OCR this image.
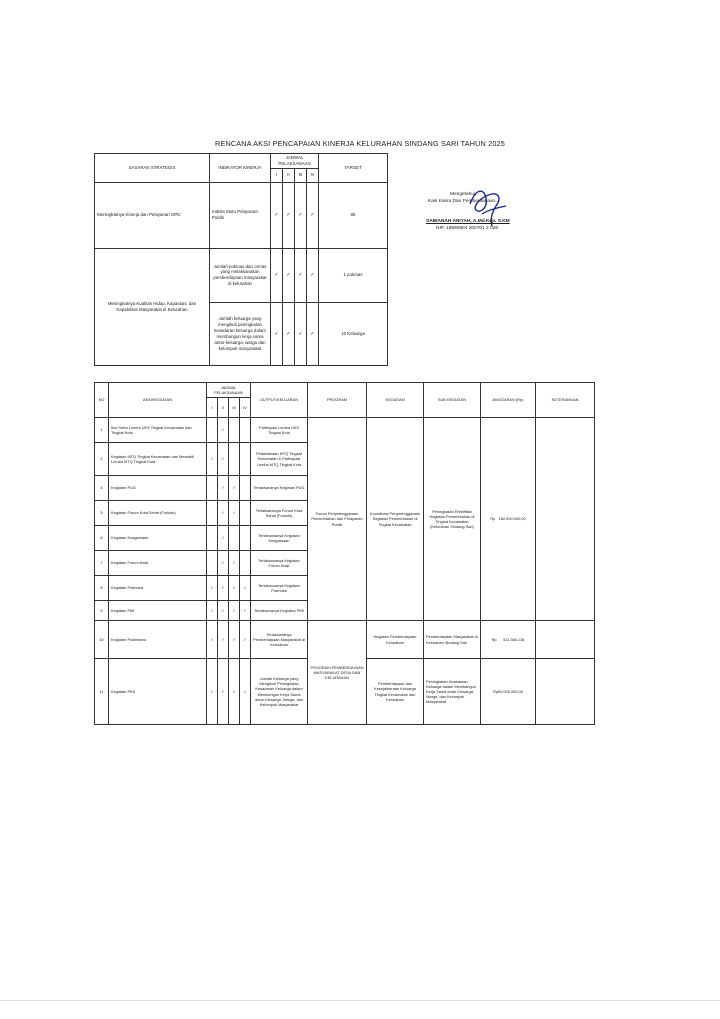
RENCANA AKSI PENCAPAIAN KINERJA KELURAHAN SINDANG SARI TAHUN 2025
SASARAN STRATEGIS	INDIKATOR KINERJA	JADWAL PELAKSANAAN				TARGET
		I	II	III	IV	
Meningkatnya Kinerja dan Pelayanan OPD	Indeks Mutu Pelayanan Publik	✓	✓	✓	✓	85
Meningkatnya Kualitas Hidup, Kapasitas, dan Kapabilitas Masyarakat di Kelurahan	Jumlah pokmas dan ormas yang melaksanakan pemberdayaan masyarakat di kelurahan	✓	✓	✓	✓	1 pokmas
	Jumlah keluarga yang mengikuti peningkatan kesadaran keluarga dalam membangun kerja sama antar-keluarga, warga dan kelompok masyarakat	✓	✓	✓	✓	10 Keluarga
Mengetahui,
Kasi Kasra Dan Pemberdayaan,
SABIANAH ANIYAH, A.Md.Kep. S.KM
NIP. 19690804 200701 2 026
NO	AKSI/KEGIATAN	JADWAL PELAKSANAAN				OUTPUT/KELUARAN	PROGRAM	KEGIATAN	SUB KEGIATAN	ANGGARAN (Rp)	KETERANGAN
		I	II	III	IV						
1	Ikut Serta Lomba UKS Tingkat Kecamatan dan Tingkat Kota		✓			Partisipasi Lomba UKS Tingkat Kota	Forum Penyelenggaraan Pemerintahan dan Pelayanan Publik	Koordinasi Penyelenggaraan Kegiatan Pemerintahan di Tingkat Kecamatan	Peningkatan Efektifitas Kegiatan Pemerintahan di Tingkat Kecamatan (Kelurahan Sindang Sari)	Rp 160.000.000,00	
2	Kegiatan MTQ Tingkat Kecamatan dan Mewakili Lomba MTQ Tingkat Kota	✓	✓			Pelaksanaan MTQ Tingkat Kecamatan & Partisipasi Lomba MTQ Tingkat Kota					
4	Kegiatan PUG		✓	✓		Terlaksananya Kegiatan PUG					
5	Kegiatan Forum Kota Sehat (Forkots)		✓	✓		Terlaksananya Forum Kota Sehat (Forkots)					
6	Kegiatan Keagamaan		✓			Terlaksananya Kegiatan Keagamaan					
7	Kegiatan Forum Anak		✓	✓		Terlaksananya Kegiatan Forum Anak					
8	Kegiatan Pramuka	✓	✓	✓	✓	Terlaksananya Kegiatan Pramuka					
9	Kegiatan PMI	✓	✓	✓	✓	Terlaksananya Kegiatan PMI					
10	Kegiatan Posbekaro	✓	✓	✓	✓	Terlaksananya Pemberdayaan Masyarakat di Kelurahan	PROGRAM PEMBERDAYAAN MASYARAKAT DESA DAN KELURAHAN	Kegiatan Pemberdayaan Kelurahan	Pemberdayaan Masyarakat di Kelurahan Sindang Sari	Rp 511.366.136	
11	Kegiatan PKK	✓	✓	✓	✓	Jumlah Keluarga yang Mengikuti Peningkatan Kesadaran Keluarga dalam Membangun Kerja Sama antar-Keluarga, Warga, dan Kelompok Masyarakat		Pemberdayaan dan Kesejahteraan Keluarga Tingkat Kecamatan dan Kelurahan	Peningkatan Kesadaran Keluarga dalam Membangun Kerja Sama antar Keluarga, Warga, dan Kelompok Masyarakat	Rp50.000.000,00	
